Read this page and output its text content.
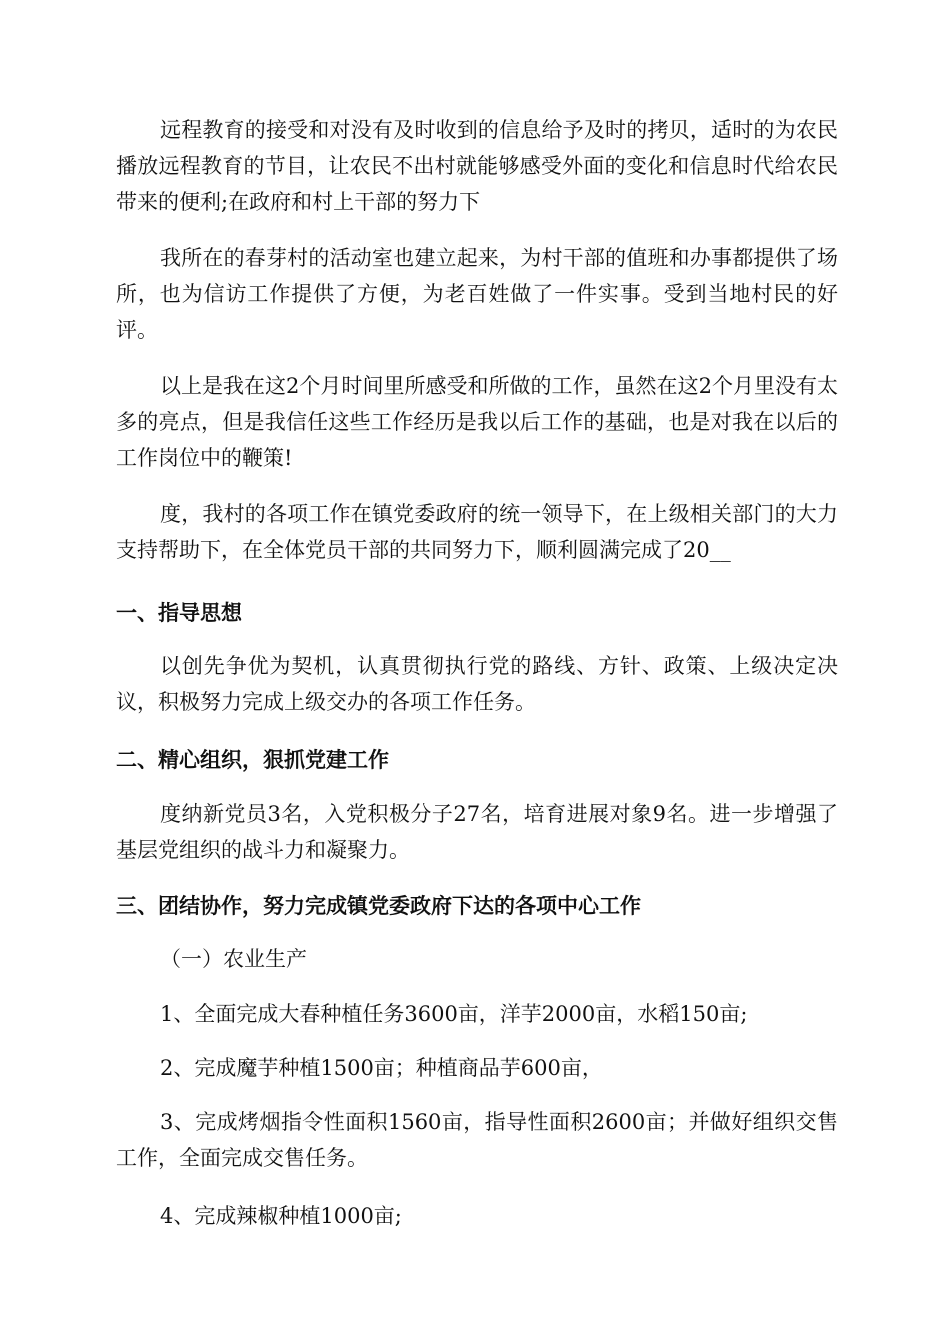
远程教育的接受和对没有及时收到的信息给予及时的拷贝，适时的为农民播放远程教育的节目，让农民不出村就能够感受外面的变化和信息时代给农民带来的便利;在政府和村上干部的努力下

我所在的春芽村的活动室也建立起来，为村干部的值班和办事都提供了场所，也为信访工作提供了方便，为老百姓做了一件实事。受到当地村民的好评。

以上是我在这2个月时间里所感受和所做的工作，虽然在这2个月里没有太多的亮点，但是我信任这些工作经历是我以后工作的基础，也是对我在以后的工作岗位中的鞭策!

度，我村的各项工作在镇党委政府的统一领导下，在上级相关部门的大力支持帮助下，在全体党员干部的共同努力下，顺利圆满完成了20__

一、指导思想

以创先争优为契机，认真贯彻执行党的路线、方针、政策、上级决定决议，积极努力完成上级交办的各项工作任务。

二、精心组织，狠抓党建工作

度纳新党员3名，入党积极分子27名，培育进展对象9名。进一步增强了基层党组织的战斗力和凝聚力。

三、团结协作，努力完成镇党委政府下达的各项中心工作

（一）农业生产

1、全面完成大春种植任务3600亩，洋芋2000亩，水稻150亩;

2、完成魔芋种植1500亩；种植商品芋600亩，

3、完成烤烟指令性面积1560亩，指导性面积2600亩；并做好组织交售工作，全面完成交售任务。

4、完成辣椒种植1000亩;
